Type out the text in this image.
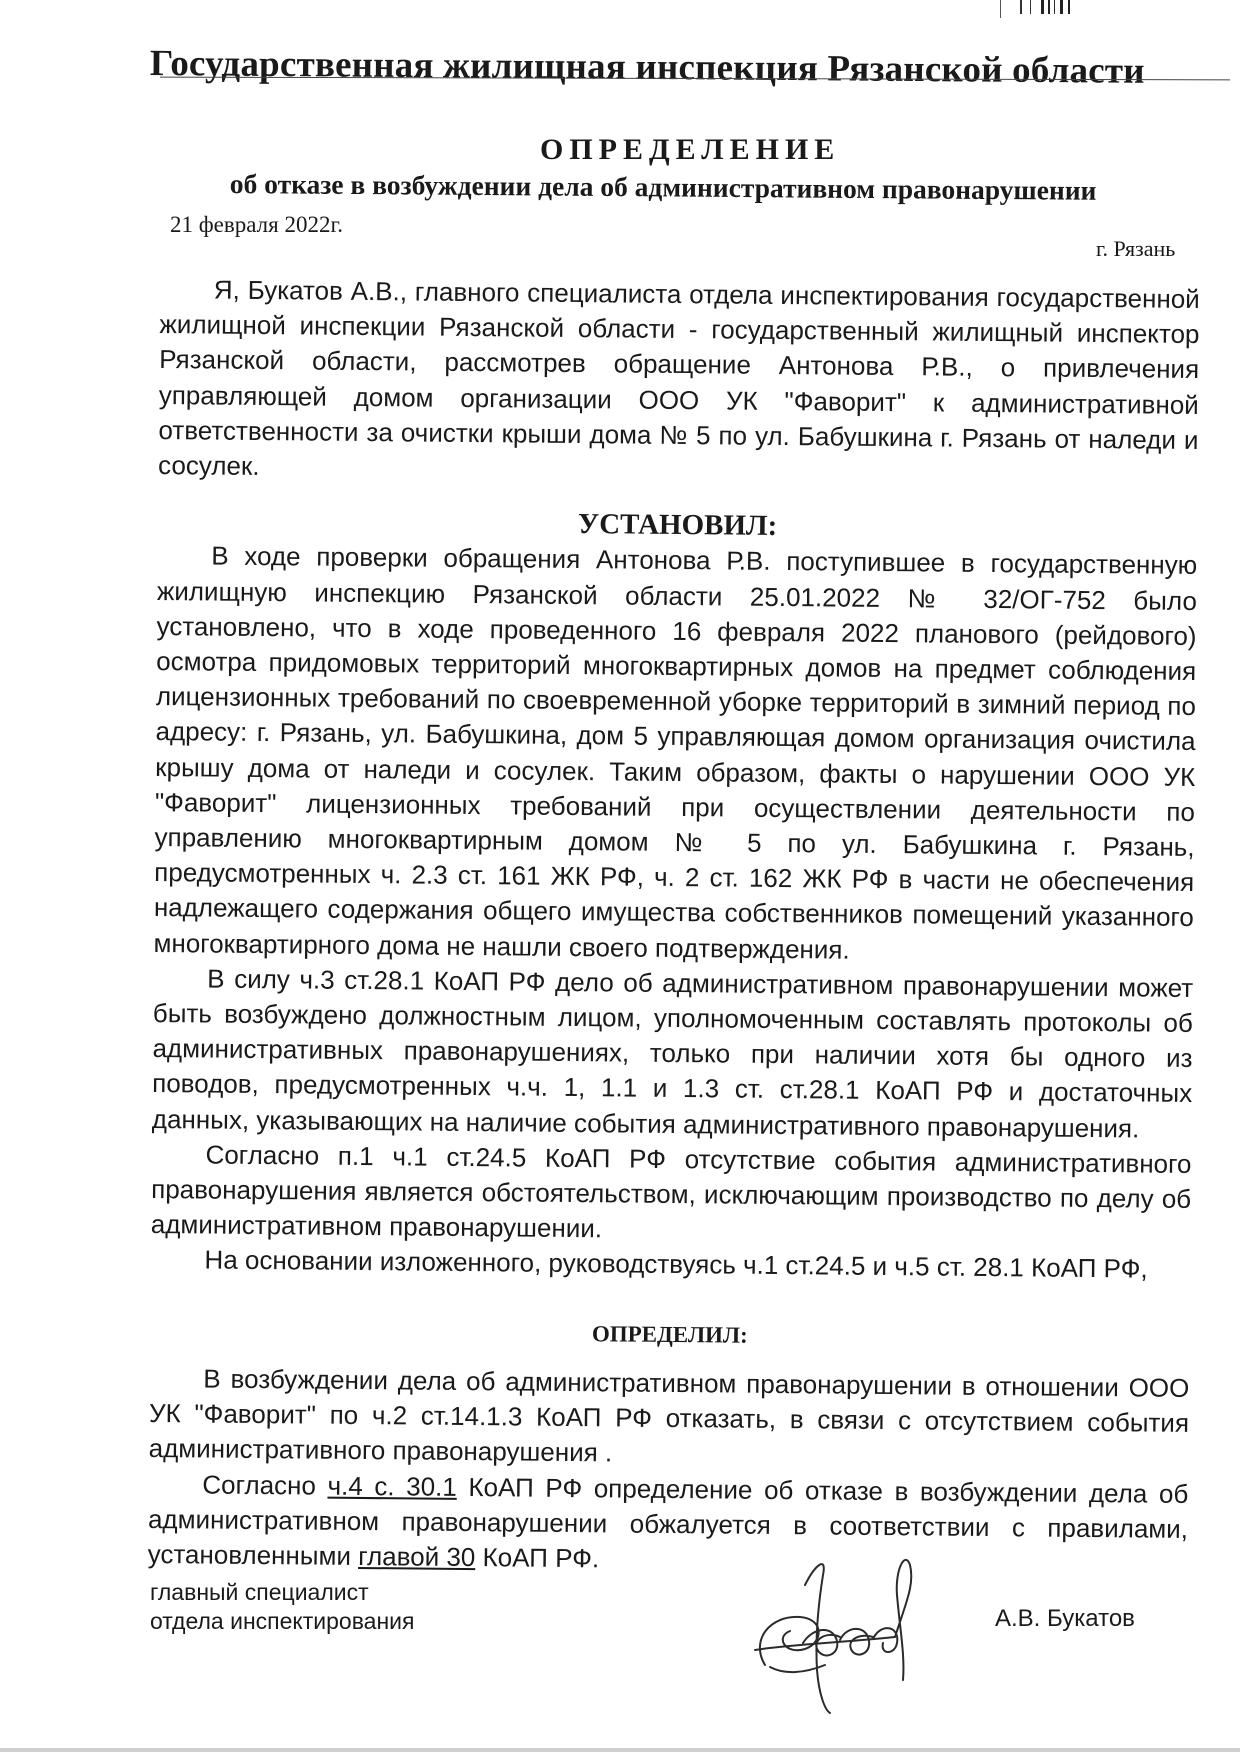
Государственная жилищная инспекция Рязанской области
ОПРЕДЕЛЕНИЕ
об отказе в возбуждении дела об административном правонарушении
21 февраля 2022г.
г. Рязань

Я, Букатов А.В., главного специалиста отдела инспектирования государственной жилищной инспекции Рязанской области - государственный жилищный инспектор Рязанской области, рассмотрев обращение Антонова Р.В., о привлечения управляющей домом организации ООО УК "Фаворит" к административной ответственности за очистки крыши дома № 5 по ул. Бабушкина г. Рязань от наледи и сосулек.

УСТАНОВИЛ:

В ходе проверки обращения Антонова Р.В. поступившее в государственную жилищную инспекцию Рязанской области 25.01.2022 № 32/ОГ-752 было установлено, что в ходе проведенного 16 февраля 2022 планового (рейдового) осмотра придомовых территорий многоквартирных домов на предмет соблюдения лицензионных требований по своевременной уборке территорий в зимний период по адресу: г. Рязань, ул. Бабушкина, дом 5 управляющая домом организация очистила крышу дома от наледи и сосулек. Таким образом, факты о нарушении ООО УК "Фаворит" лицензионных требований при осуществлении деятельности по управлению многоквартирным домом № 5 по ул. Бабушкина г. Рязань, предусмотренных ч. 2.3 ст. 161 ЖК РФ, ч. 2 ст. 162 ЖК РФ в части не обеспечения надлежащего содержания общего имущества собственников помещений указанного многоквартирного дома не нашли своего подтверждения.

В силу ч.3 ст.28.1 КоАП РФ дело об административном правонарушении может быть возбуждено должностным лицом, уполномоченным составлять протоколы об административных правонарушениях, только при наличии хотя бы одного из поводов, предусмотренных ч.ч. 1, 1.1 и 1.3 ст. ст.28.1 КоАП РФ и достаточных данных, указывающих на наличие события административного правонарушения.

Согласно п.1 ч.1 ст.24.5 КоАП РФ отсутствие события административного правонарушения является обстоятельством, исключающим производство по делу об административном правонарушении.

На основании изложенного, руководствуясь ч.1 ст.24.5 и ч.5 ст. 28.1 КоАП РФ,

ОПРЕДЕЛИЛ:

В возбуждении дела об административном правонарушении в отношении ООО УК "Фаворит" по ч.2 ст.14.1.3 КоАП РФ отказать, в связи с отсутствием события административного правонарушения .

Согласно ч.4 с. 30.1 КоАП РФ определение об отказе в возбуждении дела об административном правонарушении обжалуется в соответствии с правилами, установленными главой 30 КоАП РФ.

главный специалист
отдела инспектирования	А.В. Букатов
